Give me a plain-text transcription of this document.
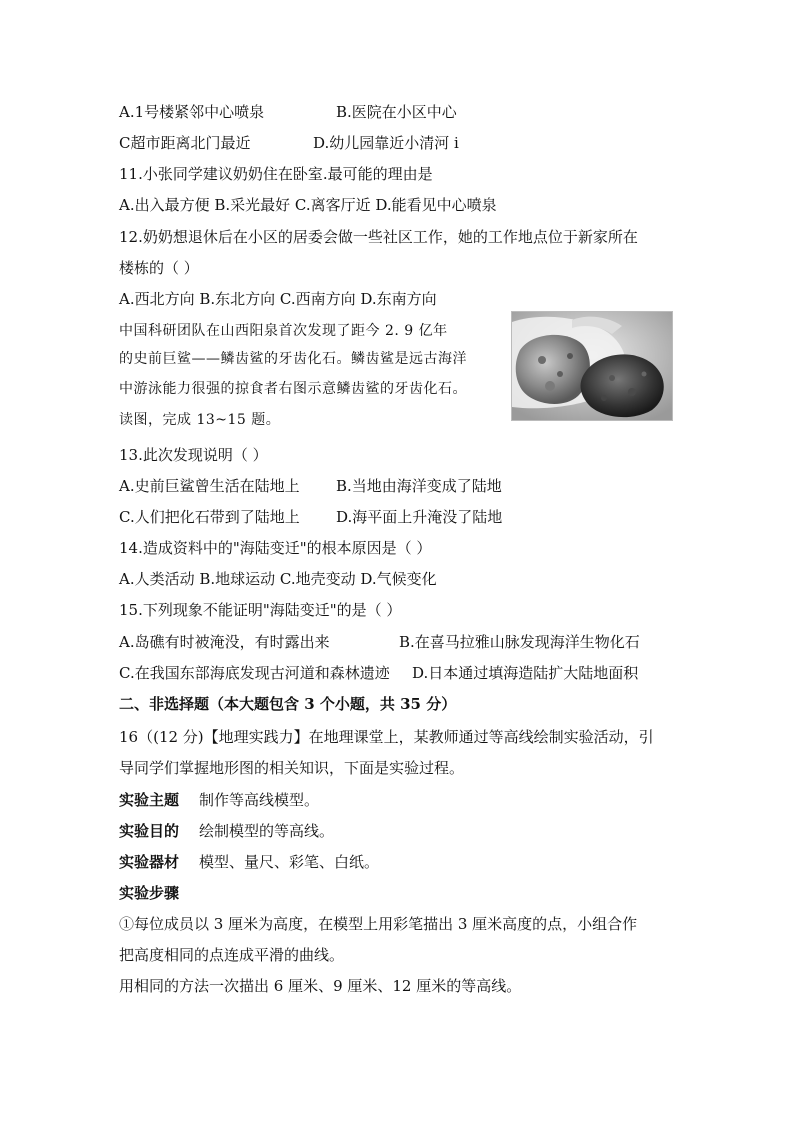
A.1号楼紧邻中心喷泉	B.医院在小区中心
C超市距离北门最近	D.幼儿园靠近小清河 i
11.小张同学建议奶奶住在卧室.最可能的理由是
A.出入最方便 B.采光最好 C.离客厅近 D.能看见中心喷泉
12.奶奶想退休后在小区的居委会做一些社区工作，她的工作地点位于新家所在
楼栋的（ ）
A.西北方向 B.东北方向 C.西南方向 D.东南方向
中国科研团队在山西阳泉首次发现了距今 2. 9 亿年
的史前巨鲨——鳞齿鲨的牙齿化石。鳞齿鲨是远古海洋
中游泳能力很强的掠食者右图示意鳞齿鲨的牙齿化石。
读图，完成 13~15 题。
13.此次发现说明（ ）
A.史前巨鲨曾生活在陆地上 B.当地由海洋变成了陆地
C.人们把化石带到了陆地上 D.海平面上升淹没了陆地
14.造成资料中的"海陆变迁"的根本原因是（ ）
A.人类活动 B.地球运动 C.地壳变动 D.气候变化
15.下列现象不能证明"海陆变迁"的是（ ）
A.岛礁有时被淹没，有时露出来	B.在喜马拉雅山脉发现海洋生物化石
C.在我国东部海底发现古河道和森林遗迹 D.日本通过填海造陆扩大陆地面积
二、非选择题（本大题包含 3 个小题，共 35 分）
16（(12 分)【地理实践力】在地理课堂上，某教师通过等高线绘制实验活动，引
导同学们掌握地形图的相关知识，下面是实验过程。
实验主题 制作等高线模型。
实验目的 绘制模型的等高线。
实验器材 模型、量尺、彩笔、白纸。
实验步骤
①每位成员以 3 厘米为高度，在模型上用彩笔描出 3 厘米高度的点，小组合作
把高度相同的点连成平滑的曲线。
用相同的方法一次描出 6 厘米、9 厘米、12 厘米的等高线。
